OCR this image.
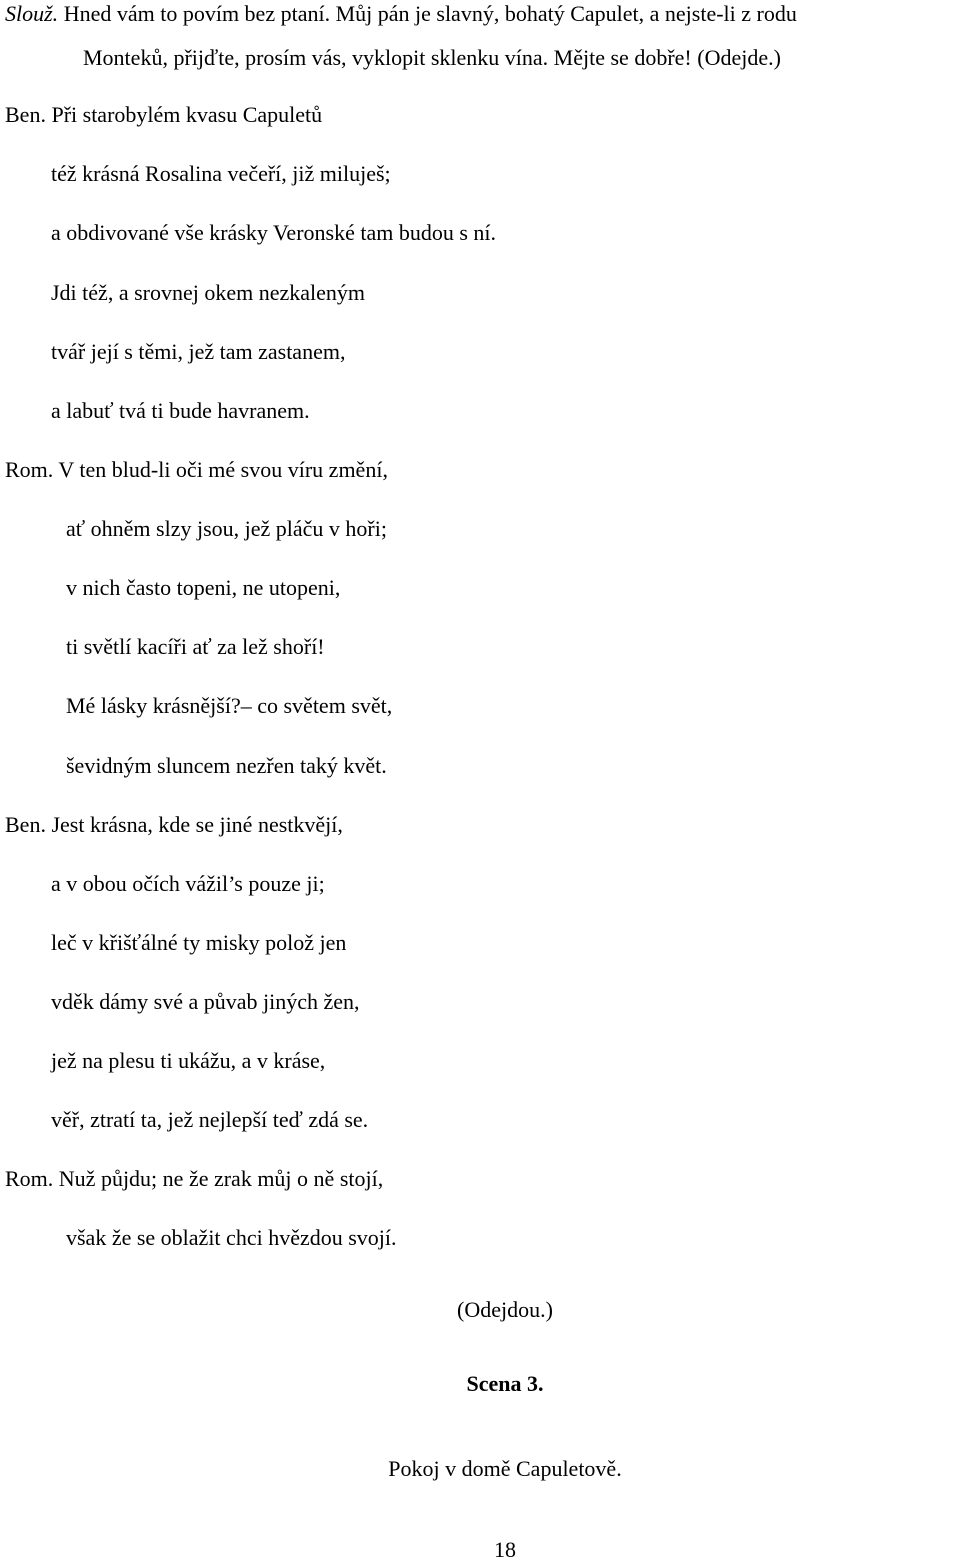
Slouž. Hned vám to povím bez ptaní. Můj pán je slavný, bohatý Capulet, a nejste-li z rodu
Monteků, přijďte, prosím vás, vyklopit sklenku vína. Mějte se dobře! (Odejde.)
Ben. Při starobylém kvasu Capuletů
též krásná Rosalina večeří, již miluješ;
a obdivované vše krásky Veronské tam budou s ní.
Jdi též, a srovnej okem nezkaleným
tvář její s těmi, jež tam zastanem,
a labuť tvá ti bude havranem.
Rom. V ten blud-li oči mé svou víru změní,
ať ohněm slzy jsou, jež pláču v hoři;
v nich často topeni, ne utopeni,
ti světlí kacíři ať za lež shoří!
Mé lásky krásnější?– co světem svět,
ševidným sluncem nezřen taký květ.
Ben. Jest krásna, kde se jiné nestkvějí,
a v obou očích vážil’s pouze ji;
leč v křišťálné ty misky polož jen
vděk dámy své a půvab jiných žen,
jež na plesu ti ukážu, a v kráse,
věř, ztratí ta, jež nejlepší teď zdá se.
Rom. Nuž půjdu; ne že zrak můj o ně stojí,
však že se oblažit chci hvězdou svojí.
(Odejdou.)
Scena 3.
Pokoj v domě Capuletově.
18
